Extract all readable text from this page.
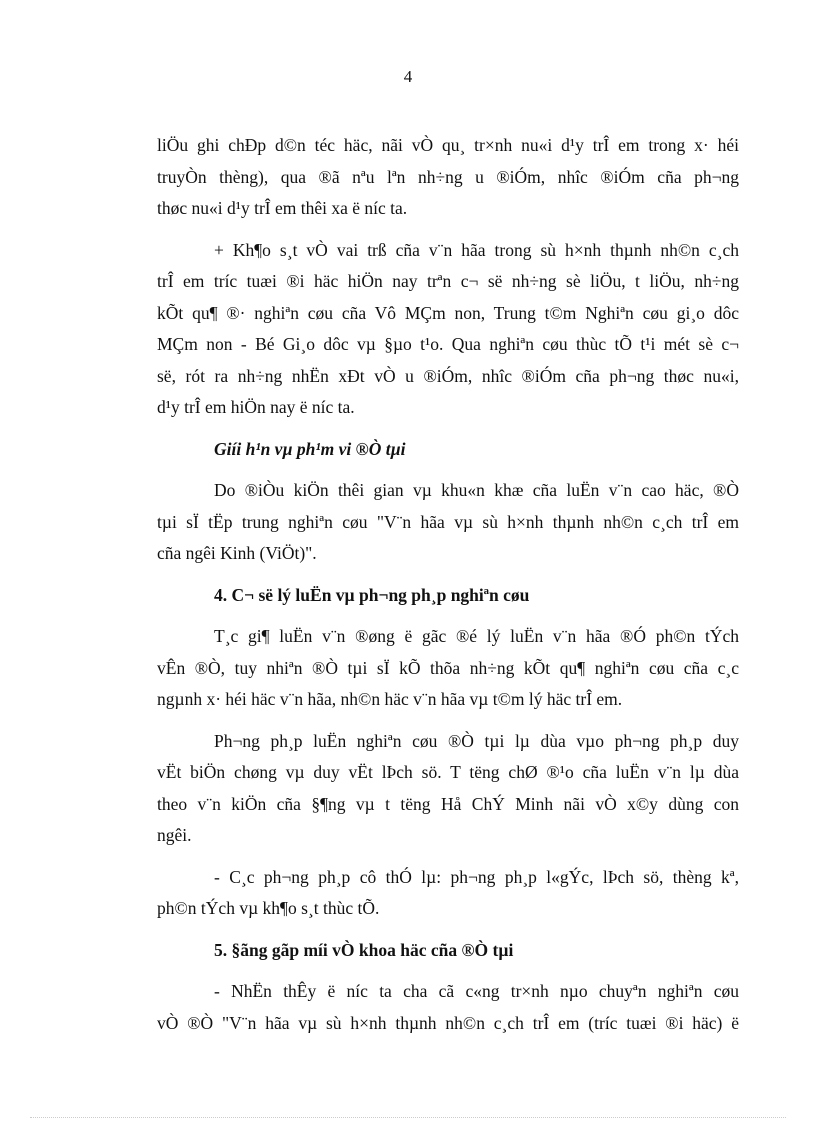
4
liÖu ghi chÐp d©n téc häc, nãi vÒ qu¸ tr×nh nu«i d¹y trÎ em trong x· héi
truyÒn thèng), qua ®ã nªu lªn nh÷ng u ®iÓm, nhîc ®iÓm cña ph¬ng
thøc nu«i d¹y trÎ em thêi xa ë níc ta.
+ Kh¶o s¸t vÒ vai trß cña v¨n hãa trong sù h×nh thµnh nh©n c¸ch
trÎ em tríc tuæi ®i häc hiÖn nay trªn c¬ së nh÷ng sè liÖu, t liÖu, nh÷ng
kÕt qu¶ ®· nghiªn cøu cña Vô MÇm non, Trung t©m Nghiªn cøu gi¸o dôc
MÇm non - Bé Gi¸o dôc vµ §µo t¹o. Qua nghiªn cøu thùc tÕ t¹i mét sè c¬
së, rót ra nh÷ng nhËn xÐt vÒ u ®iÓm, nhîc ®iÓm cña ph¬ng thøc nu«i,
d¹y trÎ em hiÖn nay ë níc ta.
Giíi h¹n vµ ph¹m vi ®Ò tµi
Do ®iÒu kiÖn thêi gian vµ khu«n khæ cña luËn v¨n cao häc, ®Ò
tµi sÏ tËp trung nghiªn cøu "V¨n hãa vµ sù h×nh thµnh nh©n c¸ch trÎ em
cña ngêi Kinh (ViÖt)".
4. C¬ së lý luËn vµ ph¬ng ph¸p nghiªn cøu
T¸c gi¶ luËn v¨n ®øng ë gãc ®é lý luËn v¨n hãa ®Ó ph©n tÝch
vÊn ®Ò, tuy nhiªn ®Ò tµi sÏ kÕ thõa nh÷ng kÕt qu¶ nghiªn cøu cña c¸c
ngµnh x· héi häc v¨n hãa, nh©n häc v¨n hãa vµ t©m lý häc trÎ em.
Ph¬ng ph¸p luËn nghiªn cøu ®Ò tµi lµ dùa vµo ph¬ng ph¸p duy
vËt biÖn chøng vµ duy vËt lÞch sö. T tëng chØ ®¹o cña luËn v¨n lµ dùa
theo v¨n kiÖn cña §¶ng vµ t tëng Hå ChÝ Minh nãi vÒ x©y dùng con
ngêi.
- C¸c ph¬ng ph¸p cô thÓ lµ: ph¬ng ph¸p l«gÝc, lÞch sö, thèng kª,
ph©n tÝch vµ kh¶o s¸t thùc tÕ.
5. §ãng gãp míi vÒ khoa häc cña ®Ò tµi
- NhËn thÊy ë níc ta cha cã c«ng tr×nh nµo chuyªn nghiªn cøu
vÒ ®Ò "V¨n hãa vµ sù h×nh thµnh nh©n c¸ch trÎ em (tríc tuæi ®i häc) ë
